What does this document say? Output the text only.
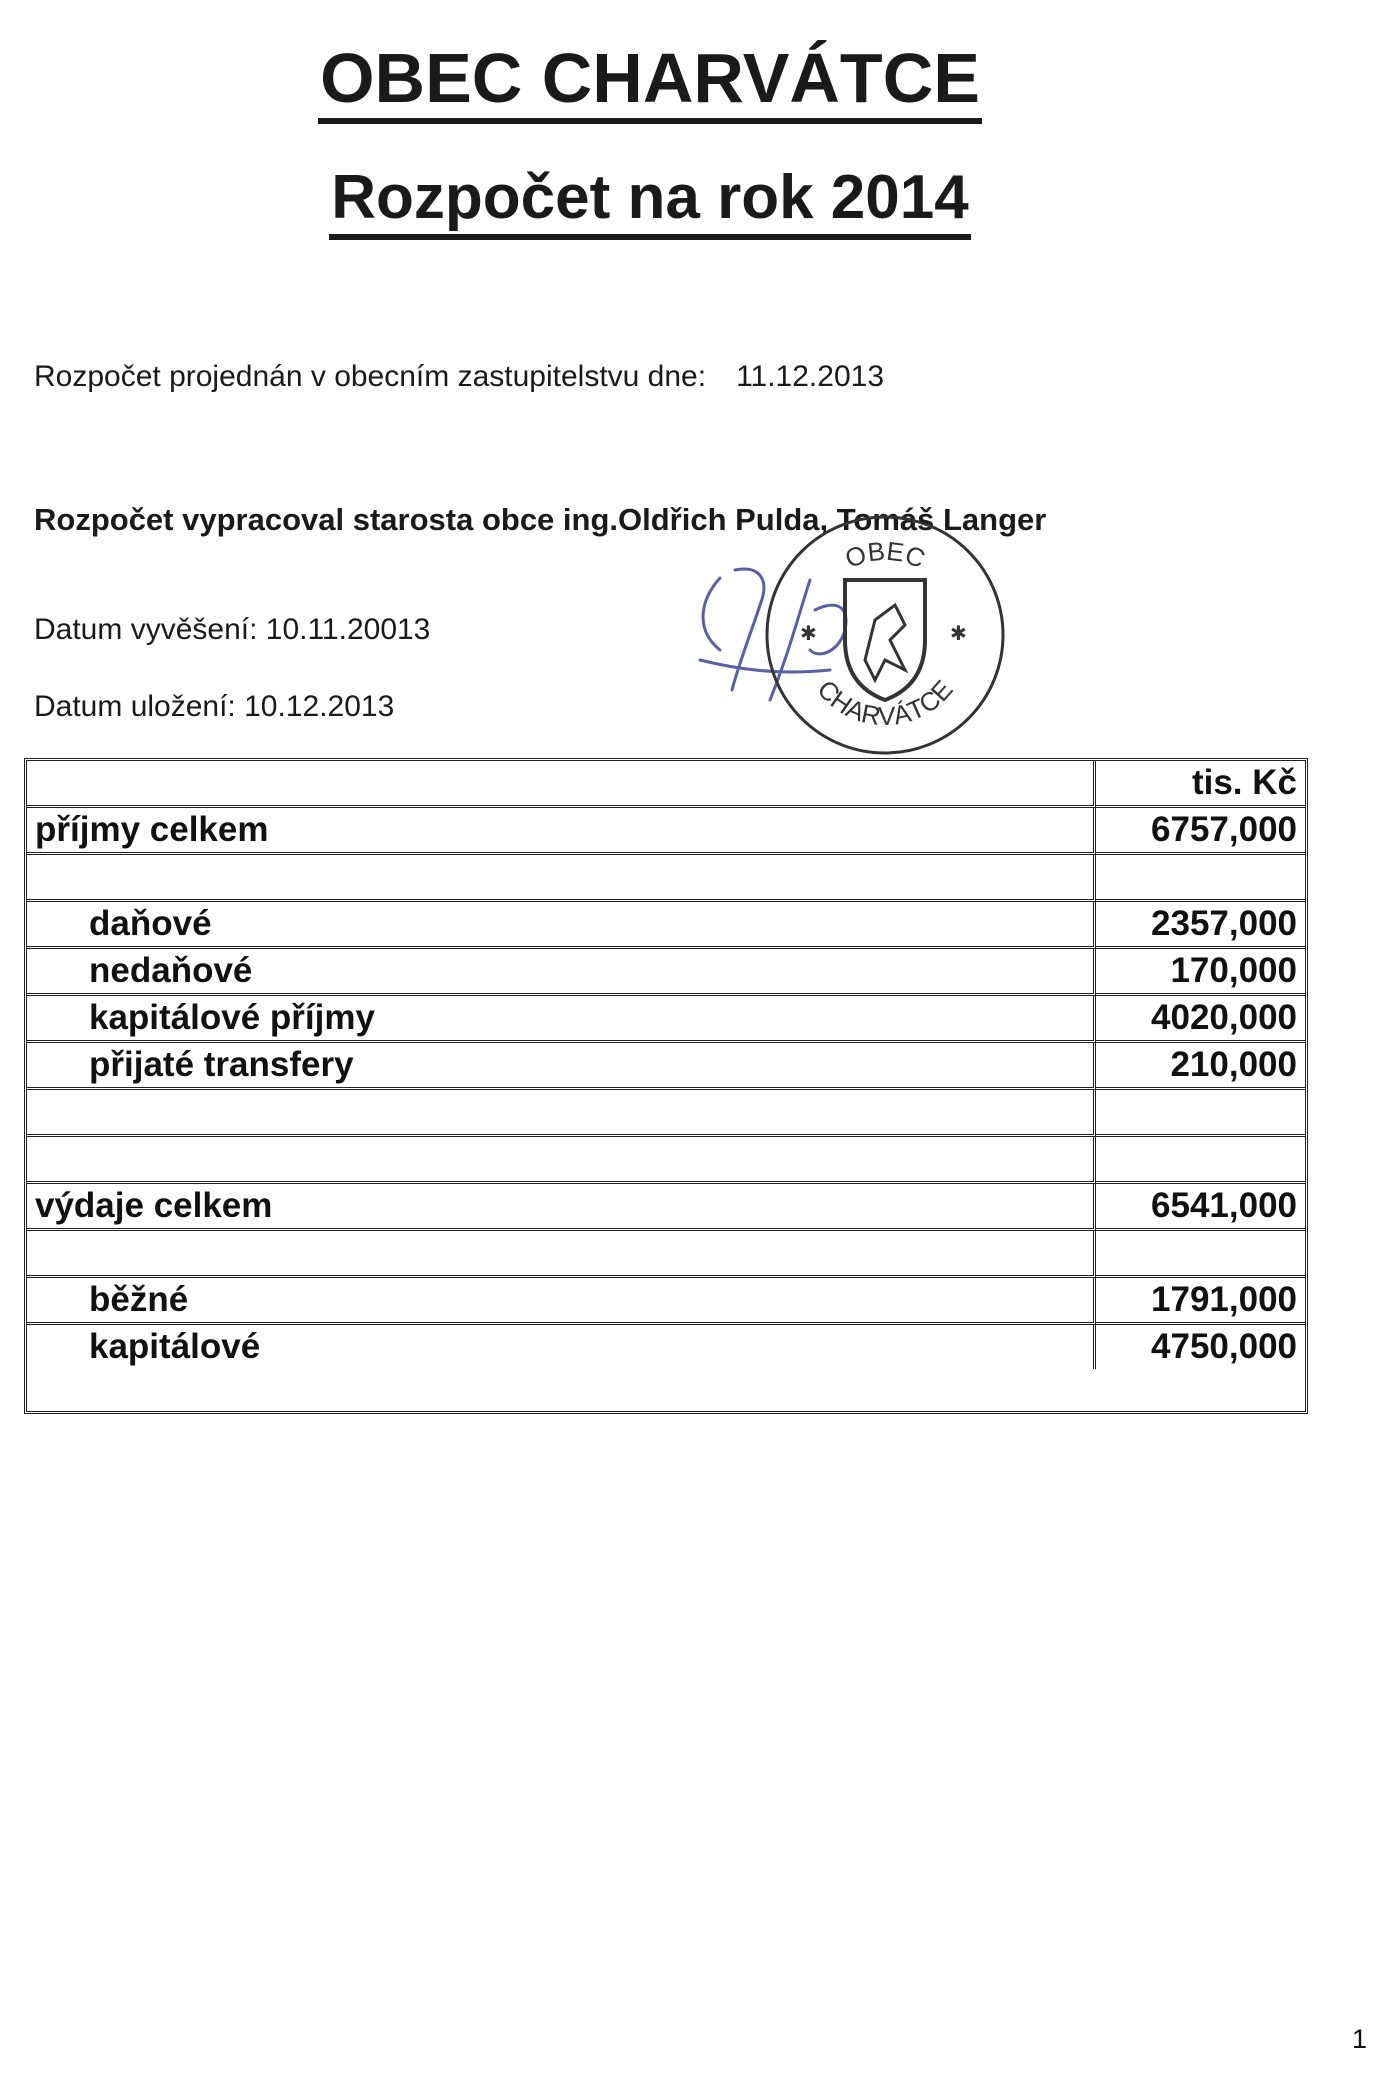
OBEC CHARVÁTCE
Rozpočet na rok 2014
Rozpočet projednán v obecním zastupitelstvu dne: 11.12.2013
Rozpočet vypracoval starosta obce ing.Oldřich Pulda, Tomáš Langer
Datum vyvěšení: 10.11.20013
Datum uložení: 10.12.2013
OBEC
CHARVÁTCE
✱	✱
	tis. Kč
příjmy celkem	6757,000

daňové	2357,000
nedaňové	170,000
kapitálové příjmy	4020,000
přijaté transfery	210,000

výdaje celkem	6541,000

běžné	1791,000
kapitálové	4750,000
1
